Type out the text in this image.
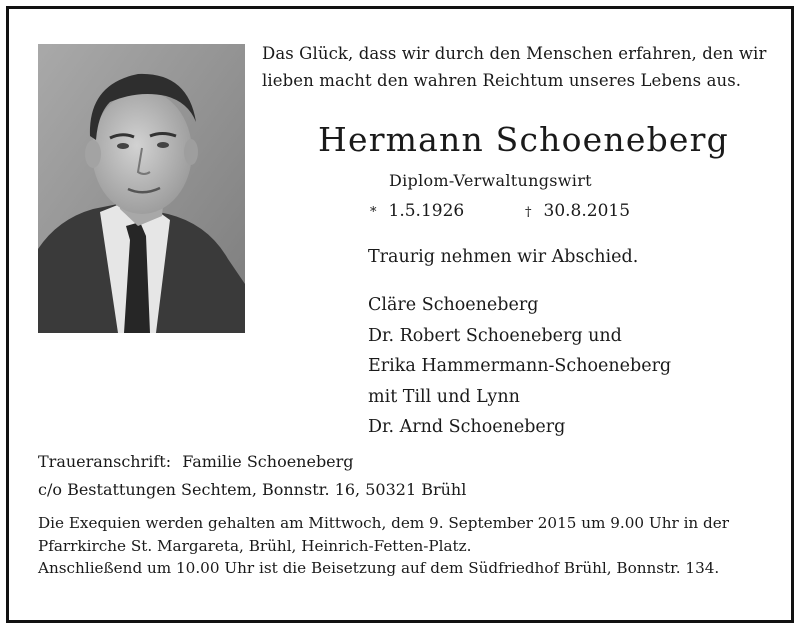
Das Glück, dass wir durch den Menschen erfahren, den wir
lieben macht den wahren Reichtum unseres Lebens aus.
Hermann Schoeneberg
Diplom-Verwaltungswirt
* 1.5.1926	† 30.8.2015
Traurig nehmen wir Abschied.
Cläre Schoeneberg
Dr. Robert Schoeneberg und
Erika Hammermann-Schoeneberg
mit Till und Lynn
Dr. Arnd Schoeneberg
Traueranschrift: Familie Schoeneberg
c/o Bestattungen Sechtem, Bonnstr. 16, 50321 Brühl
Die Exequien werden gehalten am Mittwoch, dem 9. September 2015 um 9.00 Uhr in der
Pfarrkirche St. Margareta, Brühl, Heinrich-Fetten-Platz.
Anschließend um 10.00 Uhr ist die Beisetzung auf dem Südfriedhof Brühl, Bonnstr. 134.
